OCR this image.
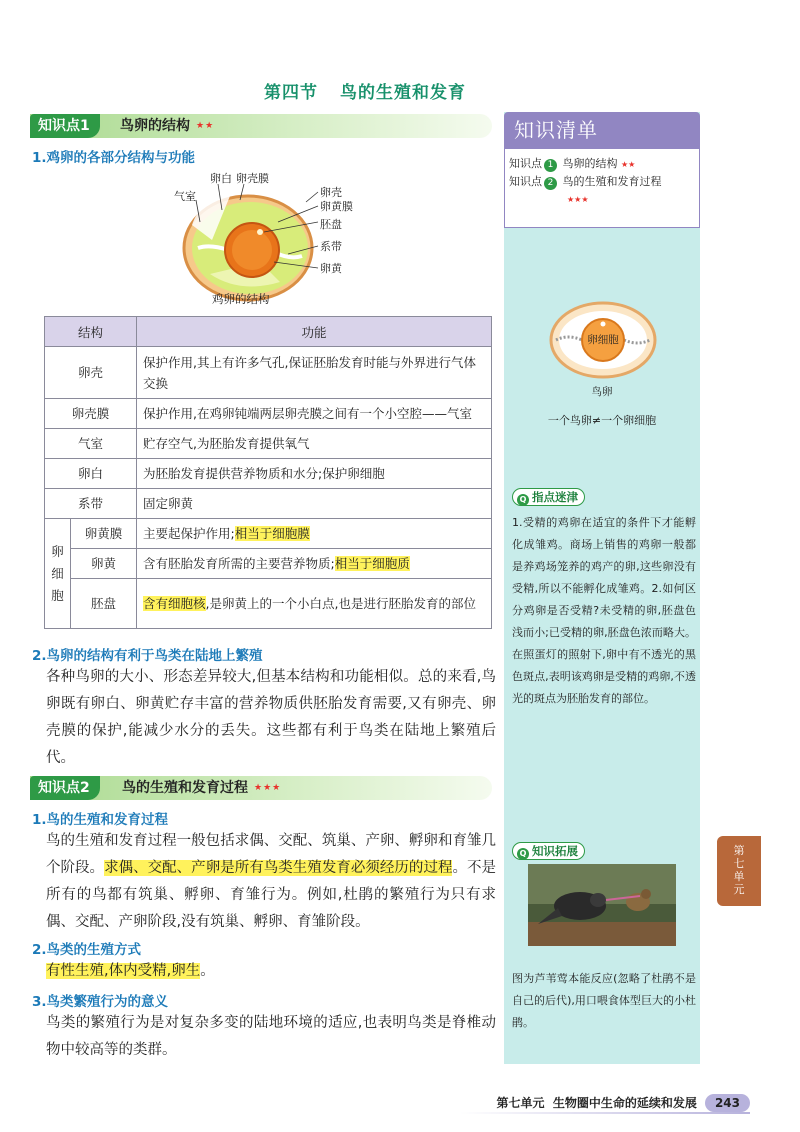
第四节 鸟的生殖和发育
知识点1	鸟卵的结构 ★★
1.鸡卵的各部分结构与功能
卵白 卵壳膜
气室	卵壳
卵黄膜
胚盘
系带
卵黄
鸡卵的结构
结构		功能
卵壳		保护作用,其上有许多气孔,保证胚胎发育时能与外界进行气体交换
卵壳膜		保护作用,在鸡卵钝端两层卵壳膜之间有一个小空腔——气室
气室		贮存空气,为胚胎发育提供氧气
卵白		为胚胎发育提供营养物质和水分;保护卵细胞
系带		固定卵黄

卵
细
胞	卵黄膜	主要起保护作用;相当于细胞膜
	卵黄	含有胚胎发育所需的主要营养物质;相当于细胞质
	胚盘	含有细胞核,是卵黄上的一个小白点,也是进行胚胎发育的部位
2.鸟卵的结构有利于鸟类在陆地上繁殖
各种鸟卵的大小、形态差异较大,但基本结构和功能相似。总的来看,鸟卵既有卵白、卵黄贮存丰富的营养物质供胚胎发育需要,又有卵壳、卵壳膜的保护,能减少水分的丢失。这些都有利于鸟类在陆地上繁殖后代。
知识点2	鸟的生殖和发育过程 ★★★
1.鸟的生殖和发育过程
鸟的生殖和发育过程一般包括求偶、交配、筑巢、产卵、孵卵和育雏几个阶段。求偶、交配、产卵是所有鸟类生殖发育必须经历的过程。不是所有的鸟都有筑巢、孵卵、育雏行为。例如,杜鹃的繁殖行为只有求偶、交配、产卵阶段,没有筑巢、孵卵、育雏阶段。
2.鸟类的生殖方式
有性生殖,体内受精,卵生。
3.鸟类繁殖行为的意义
鸟类的繁殖行为是对复杂多变的陆地环境的适应,也表明鸟类是脊椎动物中较高等的类群。
知识清单
知识点 1 鸟卵的结构 ★★
知识点 2 鸟的生殖和发育过程
★★★
卵细胞
鸟卵
一个鸟卵≠一个卵细胞
Q 指点迷津
1.受精的鸡卵在适宜的条件下才能孵化成雏鸡。商场上销售的鸡卵一般都是养鸡场笼养的鸡产的卵,这些卵没有受精,所以不能孵化成雏鸡。2.如何区分鸡卵是否受精?未受精的卵,胚盘色浅而小;已受精的卵,胚盘色浓而略大。在照蛋灯的照射下,卵中有不透光的黑色斑点,表明该鸡卵是受精的鸡卵,不透光的斑点为胚胎发育的部位。
Q 知识拓展
图为芦苇莺本能反应(忽略了杜鹃不是自己的后代),用口喂食体型巨大的小杜鹃。
第
七
单
元
第七单元 生物圈中生命的延续和发展 243
